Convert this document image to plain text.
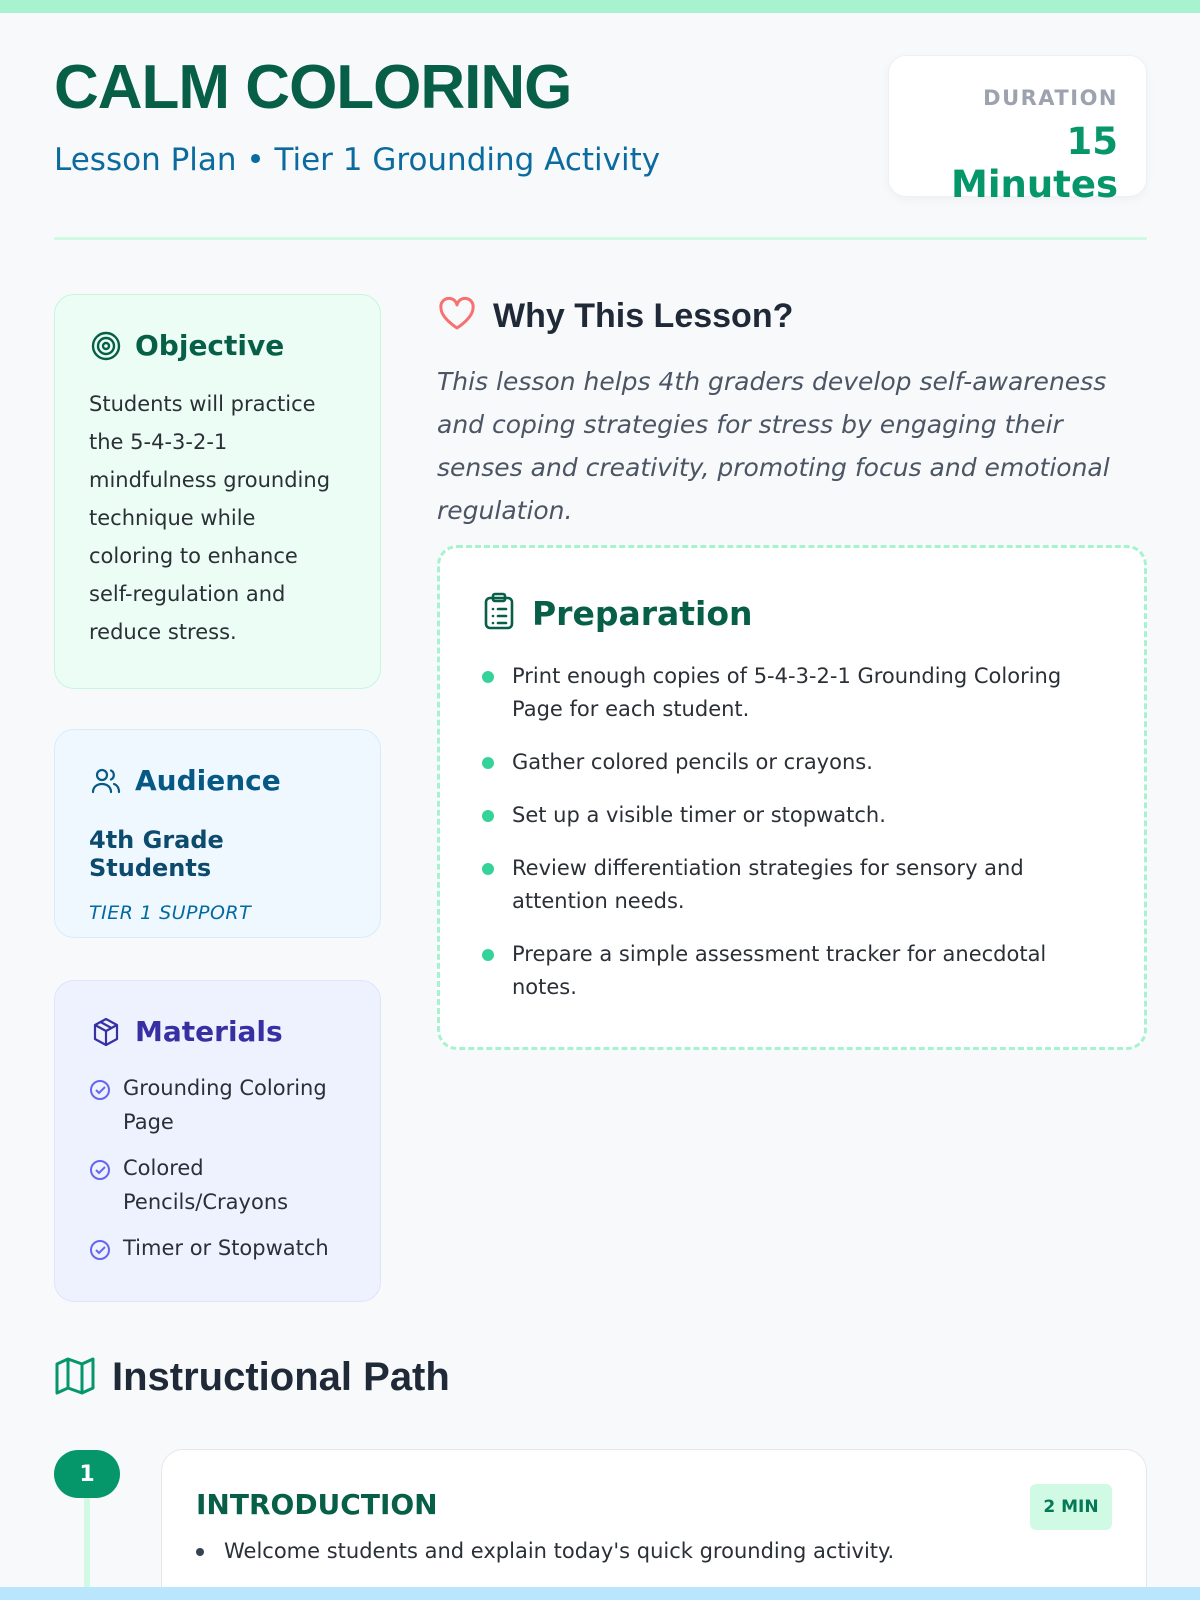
CALM COLORING
Lesson Plan • Tier 1 Grounding Activity
DURATION
15 Minutes
Objective
Students will practice the 5-4-3-2-1 mindfulness grounding technique while coloring to enhance self-regulation and reduce stress.
Audience
4th Grade Students
TIER 1 SUPPORT
Materials
Grounding Coloring Page
Colored Pencils/Crayons
Timer or Stopwatch
Why This Lesson?
This lesson helps 4th graders develop self-awareness and coping strategies for stress by engaging their senses and creativity, promoting focus and emotional regulation.
Preparation
Print enough copies of 5-4-3-2-1 Grounding Coloring Page for each student.
Gather colored pencils or crayons.
Set up a visible timer or stopwatch.
Review differentiation strategies for sensory and attention needs.
Prepare a simple assessment tracker for anecdotal notes.
Instructional Path
1
INTRODUCTION	2 MIN
Welcome students and explain today's quick grounding activity.
